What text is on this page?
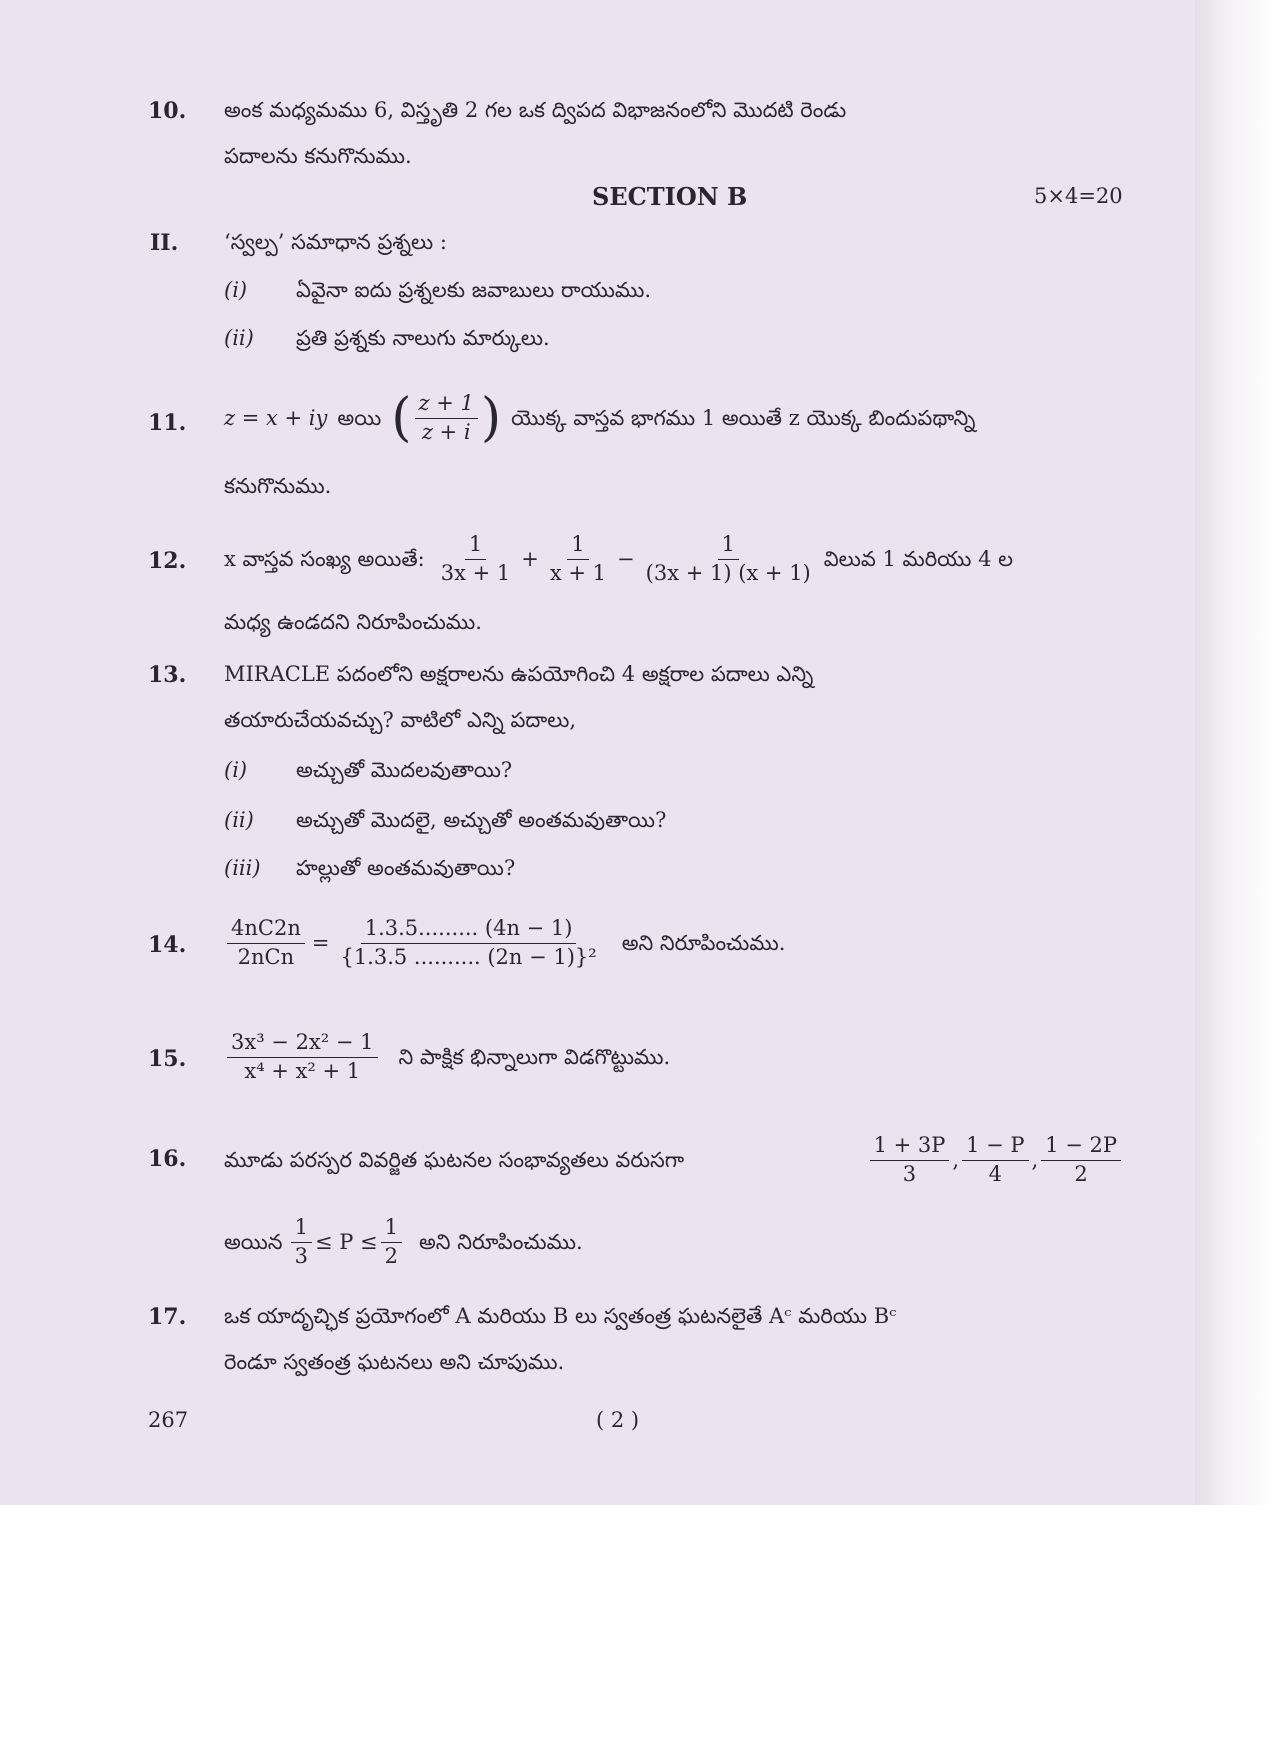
10. అంక మధ్యమము 6, విస్తృతి 2 గల ఒక ద్విపద విభాజనంలోని మొదటి రెండు
పదాలను కనుగొనుము.
SECTION B	5×4=20
II. ‘స్వల్ప’ సమాధాన ప్రశ్నలు :
(i) ఏవైనా ఐదు ప్రశ్నలకు జవాబులు రాయుము.
(ii) ప్రతి ప్రశ్నకు నాలుగు మార్కులు.
11. z = x + iy అయి ( $\frac{z + 1}{z + i}$ ) యొక్క వాస్తవ భాగము 1 అయితే z యొక్క బిందుపథాన్ని
కనుగొనుము.
12. x వాస్తవ సంఖ్య అయితే: $\frac{1}{3x + 1} + \frac{1}{x + 1} - \frac{1}{(3x + 1) (x + 1)}$ విలువ 1 మరియు 4 ల
మధ్య ఉండదని నిరూపించుము.
13. MIRACLE పదంలోని అక్షరాలను ఉపయోగించి 4 అక్షరాల పదాలు ఎన్ని
తయారుచేయవచ్చు? వాటిలో ఎన్ని పదాలు,
(i) అచ్చుతో మొదలవుతాయి?
(ii) అచ్చుతో మొదలై, అచ్చుతో అంతమవుతాయి?
(iii) హల్లుతో అంతమవుతాయి?
14. $\frac{4nC2n}{\text{2nCn}} = \frac{1.3.5......... (4n - 1)}{\text{\{1.3.5 .......... (2n − 1)\}²}}$ అని నిరూపించుము.
15. $\frac{\text{3x³ − 2x² − 1}}{\text{x⁴ + x² + 1}}$ ని పాక్షిక భిన్నాలుగా విడగొట్టుము.
16. మూడు పరస్పర వివర్జిత ఘటనల సంభావ్యతలు వరుసగా	$\frac{1 + 3P}{3}$ , $\frac{1 - P}{4}$ , $\frac{1 - 2P}{2}$
అయిన $\frac{1}{3} \le P \le \frac{1}{2}$ అని నిరూపించుము.
17. ఒక యాదృచ్ఛిక ప్రయోగంలో A మరియు B లు స్వతంత్ర ఘటనలైతే Aᶜ మరియు Bᶜ
రెండూ స్వతంత్ర ఘటనలు అని చూపుము.
267	( 2 )
